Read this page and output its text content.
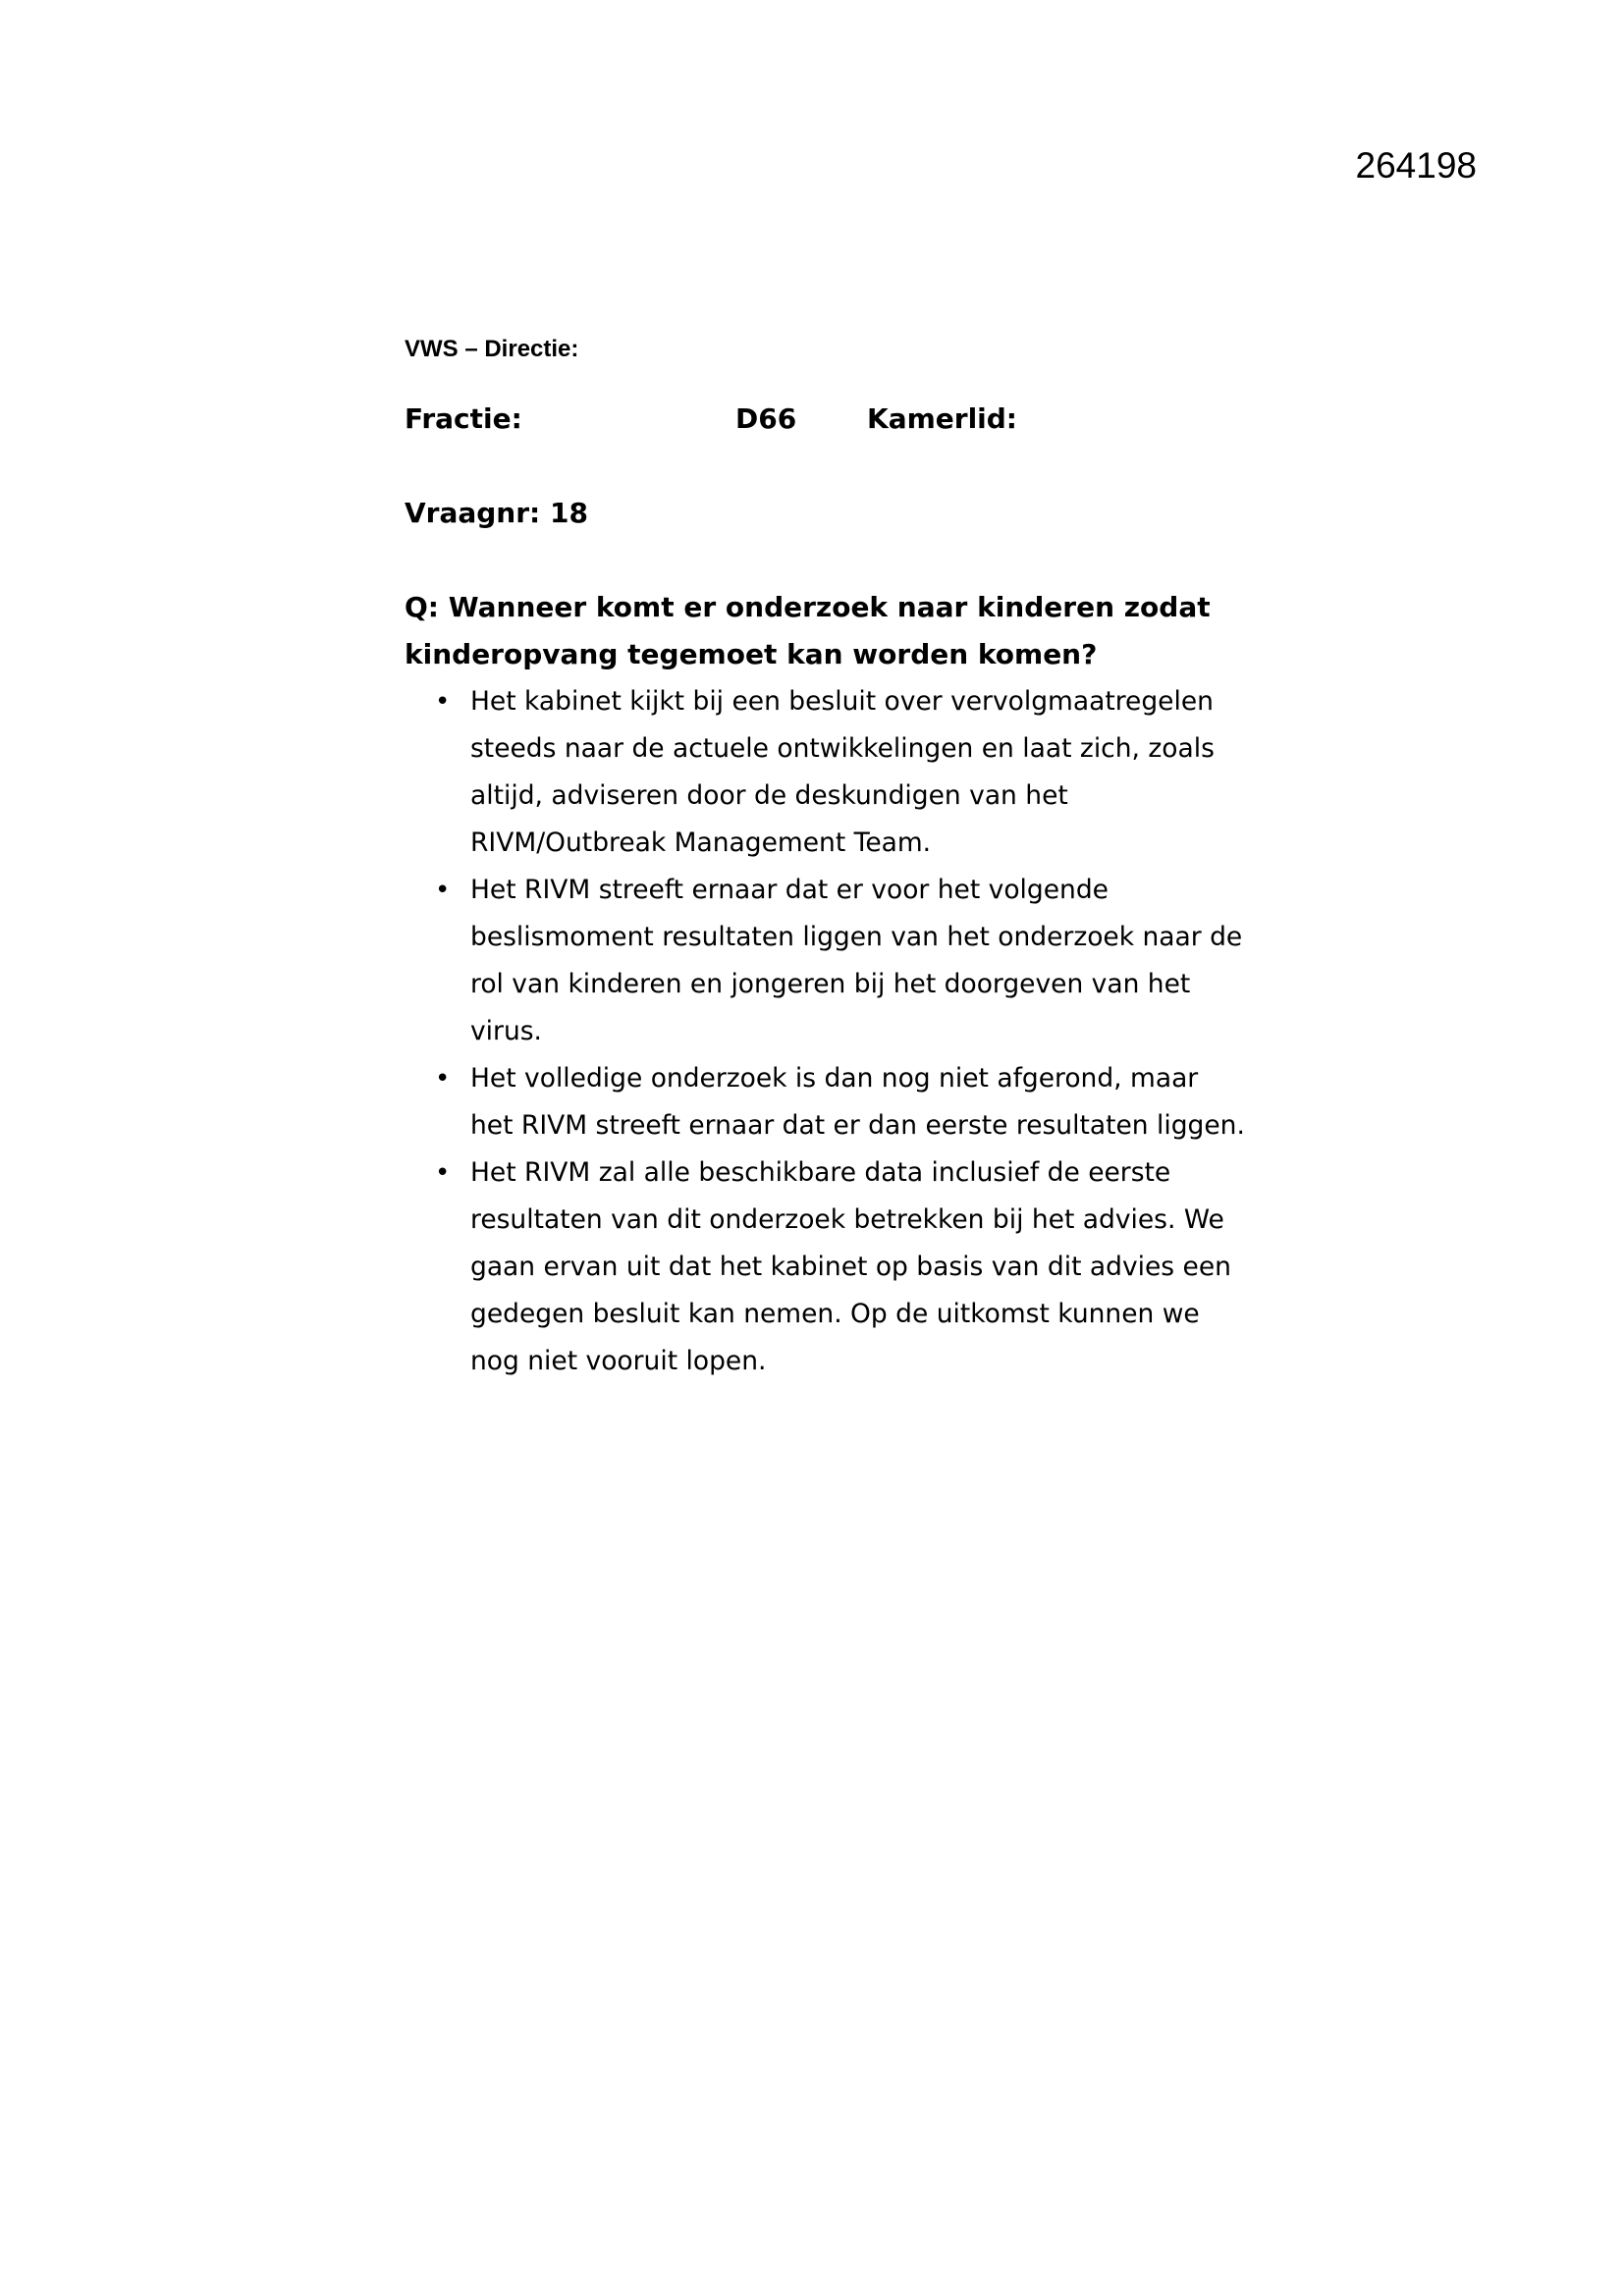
264198
VWS – Directie:
Fractie:	D66	Kamerlid:
Vraagnr: 18

Q: Wanneer komt er onderzoek naar kinderen zodat kinderopvang tegemoet kan worden komen?

• Het kabinet kijkt bij een besluit over vervolgmaatregelen steeds naar de actuele ontwikkelingen en laat zich, zoals altijd, adviseren door de deskundigen van het RIVM/Outbreak Management Team.
• Het RIVM streeft ernaar dat er voor het volgende beslismoment resultaten liggen van het onderzoek naar de rol van kinderen en jongeren bij het doorgeven van het virus.
• Het volledige onderzoek is dan nog niet afgerond, maar het RIVM streeft ernaar dat er dan eerste resultaten liggen.
• Het RIVM zal alle beschikbare data inclusief de eerste resultaten van dit onderzoek betrekken bij het advies. We gaan ervan uit dat het kabinet op basis van dit advies een gedegen besluit kan nemen. Op de uitkomst kunnen we nog niet vooruit lopen.
